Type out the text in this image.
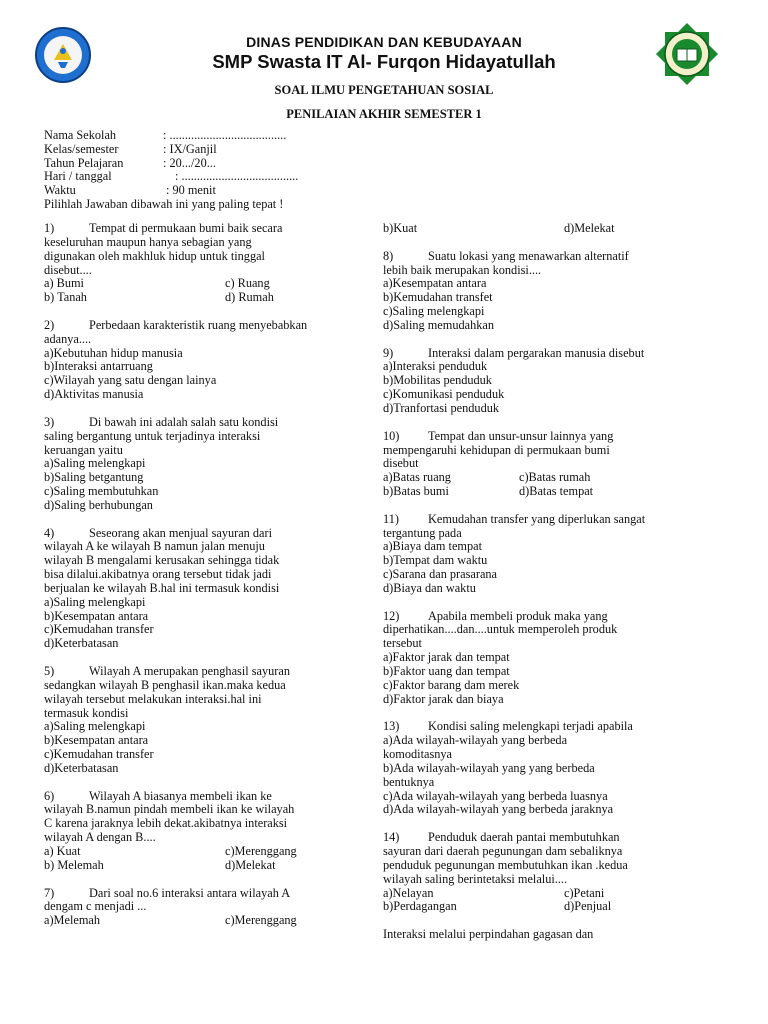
DINAS PENDIDIKAN DAN KEBUDAYAAN
SMP Swasta IT Al- Furqon Hidayatullah
SOAL ILMU PENGETAHUAN SOSIAL
PENILAIAN AKHIR SEMESTER 1
Nama Sekolah	: ......................................
Kelas/semester	: IX/Ganjil
Tahun Pelajaran	: 20.../20...
Hari / tanggal	: ......................................
Waktu	: 90 menit
Pilihlah Jawaban dibawah ini yang paling tepat !
1)	Tempat di permukaan bumi baik secara
keseluruhan maupun hanya sebagian yang
digunakan oleh makhluk hidup untuk tinggal
disebut....
a) Bumi	c) Ruang
b) Tanah	d) Rumah
2)	Perbedaan karakteristik ruang menyebabkan
adanya....
a)Kebutuhan hidup manusia
b)Interaksi antarruang
c)Wilayah yang satu dengan lainya
d)Aktivitas manusia
3)	Di bawah ini adalah salah satu kondisi
saling bergantung untuk terjadinya interaksi
keruangan yaitu
a)Saling melengkapi
b)Saling betgantung
c)Saling membutuhkan
d)Saling berhubungan
4)	Seseorang akan menjual sayuran dari
wilayah A ke wilayah B namun jalan menuju
wilayah B mengalami kerusakan sehingga tidak
bisa dilalui.akibatnya orang tersebut tidak jadi
berjualan ke wilayah B.hal ini termasuk kondisi
a)Saling melengkapi
b)Kesempatan antara
c)Kemudahan transfer
d)Keterbatasan
5)	Wilayah A merupakan penghasil sayuran
sedangkan wilayah B penghasil ikan.maka kedua
wilayah tersebut melakukan interaksi.hal ini
termasuk kondisi
a)Saling melengkapi
b)Kesempatan antara
c)Kemudahan transfer
d)Keterbatasan
6)	Wilayah A biasanya membeli ikan ke
wilayah B.namun pindah membeli ikan ke wilayah
C karena jaraknya lebih dekat.akibatnya interaksi
wilayah A dengan B....
a) Kuat	c)Merenggang
b) Melemah	d)Melekat
7)	Dari soal no.6 interaksi antara wilayah A
dengam c menjadi ...
a)Melemah	c)Merenggang
b)Kuat	d)Melekat
8)	Suatu lokasi yang menawarkan alternatif
lebih baik merupakan kondisi....
a)Kesempatan antara
b)Kemudahan transfet
c)Saling melengkapi
d)Saling memudahkan
9)	Interaksi dalam pergarakan manusia disebut
a)Interaksi penduduk
b)Mobilitas penduduk
c)Komunikasi penduduk
d)Tranfortasi penduduk
10) Tempat dan unsur-unsur lainnya yang
mempengaruhi kehidupan di permukaan bumi
disebut
a)Batas ruang	c)Batas rumah
b)Batas bumi	d)Batas tempat
11) Kemudahan transfer yang diperlukan sangat
tergantung pada
a)Biaya dam tempat
b)Tempat dam waktu
c)Sarana dan prasarana
d)Biaya dan waktu
12) Apabila membeli produk maka yang
diperhatikan....dan....untuk memperoleh produk
tersebut
a)Faktor jarak dan tempat
b)Faktor uang dan tempat
c)Faktor barang dam merek
d)Faktor jarak dan biaya
13) Kondisi saling melengkapi terjadi apabila
a)Ada wilayah-wilayah yang berbeda
komoditasnya
b)Ada wilayah-wilayah yang yang berbeda
bentuknya
c)Ada wilayah-wilayah yang berbeda luasnya
d)Ada wilayah-wilayah yang berbeda jaraknya
14) Penduduk daerah pantai membutuhkan
sayuran dari daerah pegunungan dam sebaliknya
penduduk pegunungan membutuhkan ikan .kedua
wilayah saling berintetaksi melalui....
a)Nelayan	c)Petani
b)Perdagangan	d)Penjual
Interaksi melalui perpindahan gagasan dan
